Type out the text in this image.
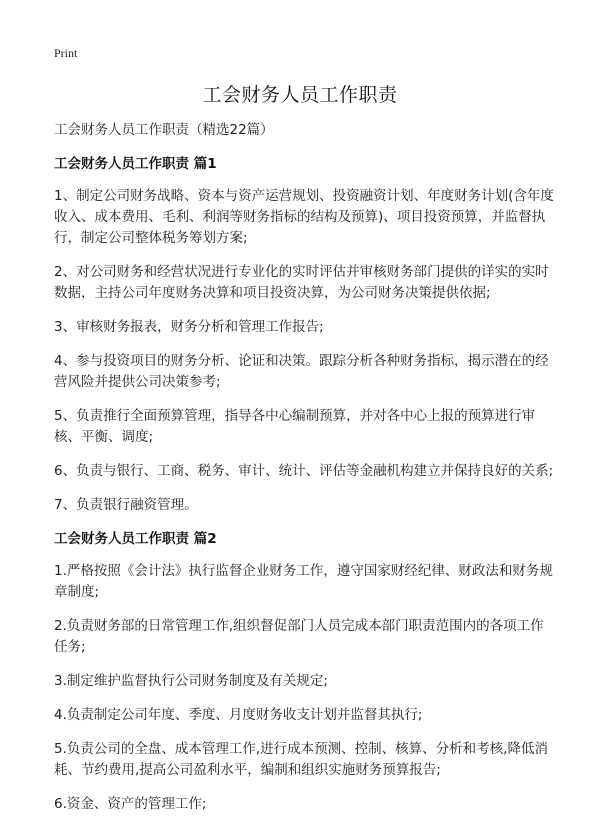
Print
工会财务人员工作职责

工会财务人员工作职责（精选22篇）

工会财务人员工作职责 篇1

1、制定公司财务战略、资本与资产运营规划、投资融资计划、年度财务计划(含年度收入、成本费用、毛利、利润等财务指标的结构及预算)、项目投资预算，并监督执行，制定公司整体税务筹划方案;

2、对公司财务和经营状况进行专业化的实时评估并审核财务部门提供的详实的实时数据，主持公司年度财务决算和项目投资决算，为公司财务决策提供依据;

3、审核财务报表，财务分析和管理工作报告;

4、参与投资项目的财务分析、论证和决策。跟踪分析各种财务指标，揭示潜在的经营风险并提供公司决策参考;

5、负责推行全面预算管理，指导各中心编制预算，并对各中心上报的预算进行审核、平衡、调度;

6、负责与银行、工商、税务、审计、统计、评估等金融机构建立并保持良好的关系;

7、负责银行融资管理。

工会财务人员工作职责 篇2

1.严格按照《会计法》执行监督企业财务工作，遵守国家财经纪律、财政法和财务规章制度;

2.负责财务部的日常管理工作,组织督促部门人员完成本部门职责范围内的各项工作任务;

3.制定维护监督执行公司财务制度及有关规定;

4.负责制定公司年度、季度、月度财务收支计划并监督其执行;

5.负责公司的全盘、成本管理工作,进行成本预测、控制、核算、分析和考核,降低消耗、节约费用,提高公司盈利水平，编制和组织实施财务预算报告;

6.资金、资产的管理工作;
